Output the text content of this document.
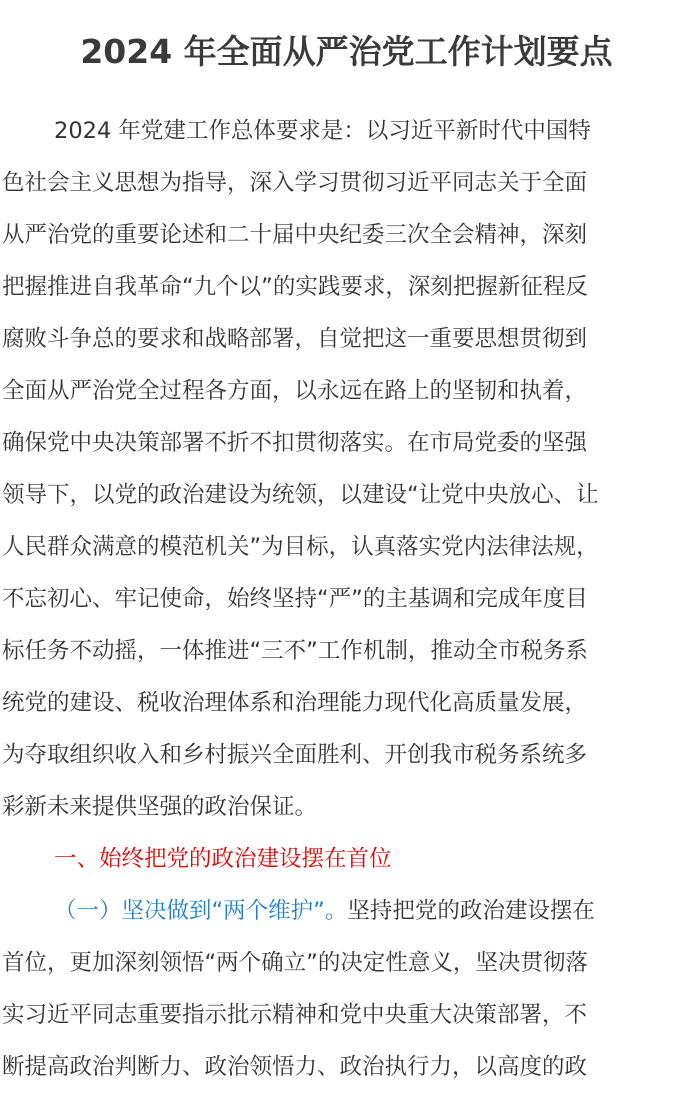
2024 年全面从严治党工作计划要点
2024 年党建工作总体要求是：以习近平新时代中国特
色社会主义思想为指导，深入学习贯彻习近平同志关于全面
从严治党的重要论述和二十届中央纪委三次全会精神，深刻
把握推进自我革命“九个以”的实践要求，深刻把握新征程反
腐败斗争总的要求和战略部署，自觉把这一重要思想贯彻到
全面从严治党全过程各方面，以永远在路上的坚韧和执着，
确保党中央决策部署不折不扣贯彻落实。在市局党委的坚强
领导下，以党的政治建设为统领，以建设“让党中央放心、让
人民群众满意的模范机关”为目标，认真落实党内法律法规，
不忘初心、牢记使命，始终坚持“严”的主基调和完成年度目
标任务不动摇，一体推进“三不”工作机制，推动全市税务系
统党的建设、税收治理体系和治理能力现代化高质量发展，
为夺取组织收入和乡村振兴全面胜利、开创我市税务系统多
彩新未来提供坚强的政治保证。
一、始终把党的政治建设摆在首位
（一）坚决做到“两个维护”。坚持把党的政治建设摆在
首位，更加深刻领悟“两个确立”的决定性意义，坚决贯彻落
实习近平同志重要指示批示精神和党中央重大决策部署，不
断提高政治判断力、政治领悟力、政治执行力，以高度的政
